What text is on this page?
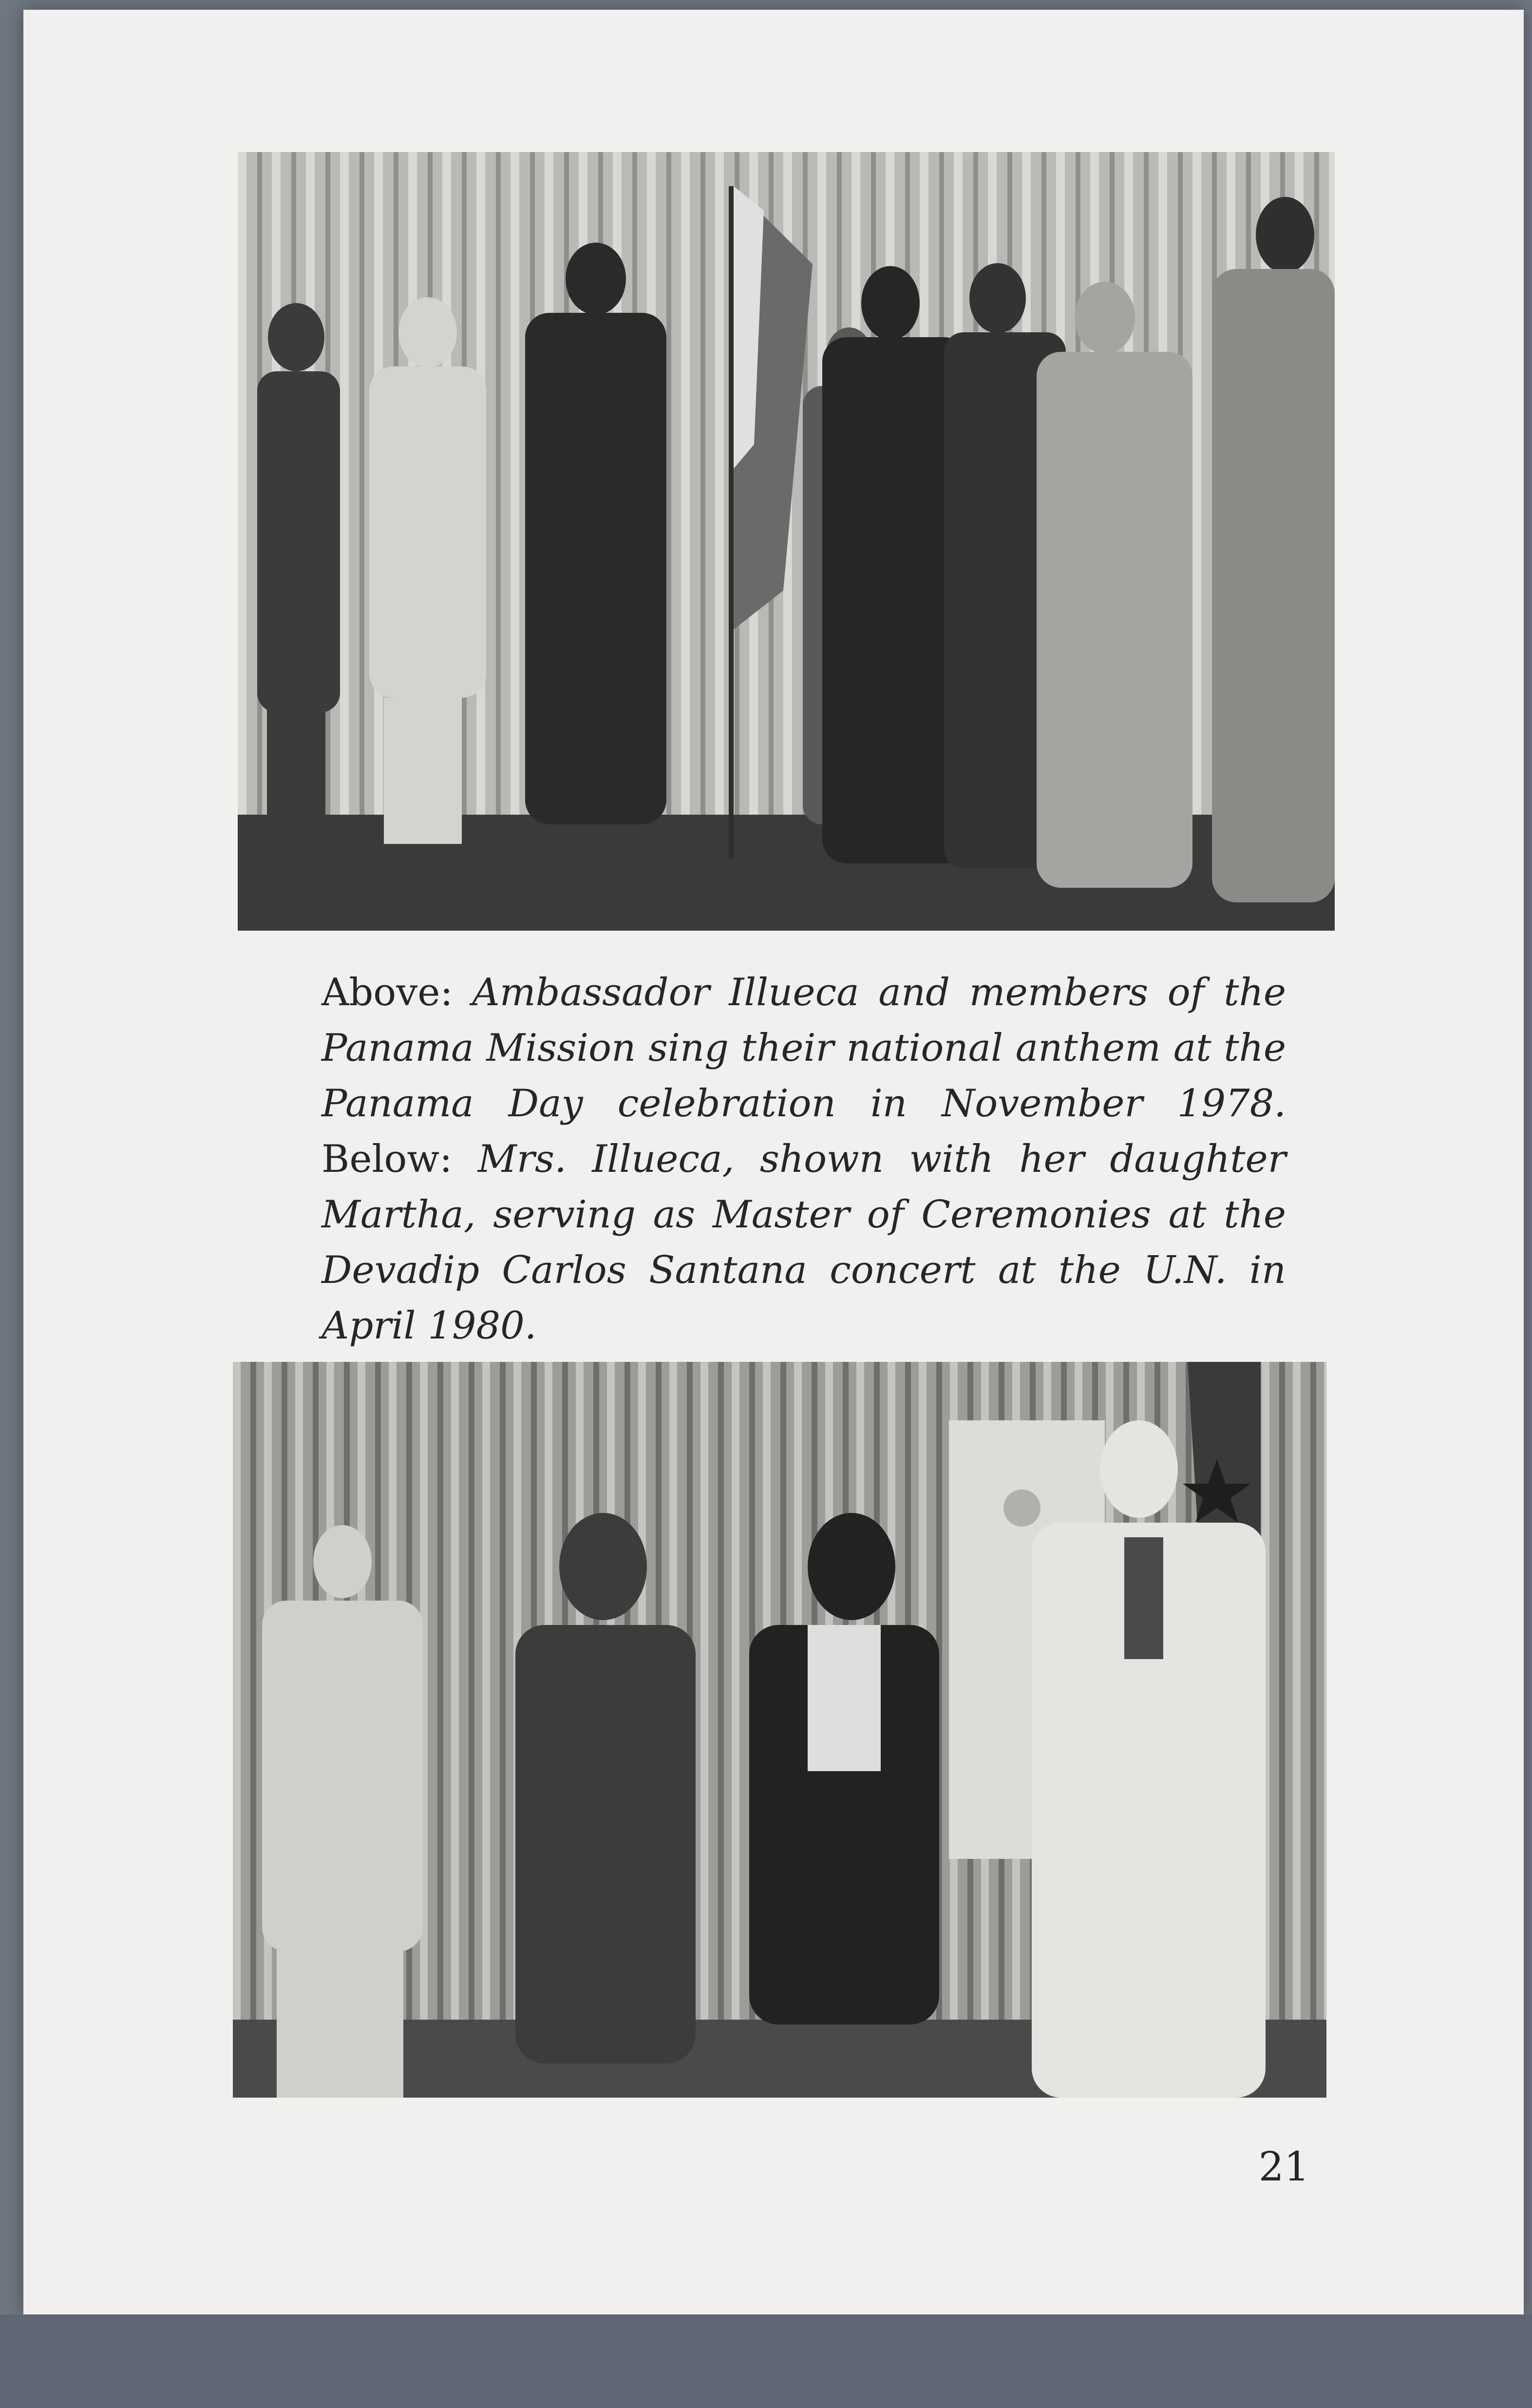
Above: Ambassador Illueca and members of the Panama Mission sing their national anthem at the Panama Day celebration in November 1978. Below: Mrs. Illueca, shown with her daughter Martha, serving as Master of Ceremonies at the Devadip Carlos Santana concert at the U.N. in April 1980.
21
